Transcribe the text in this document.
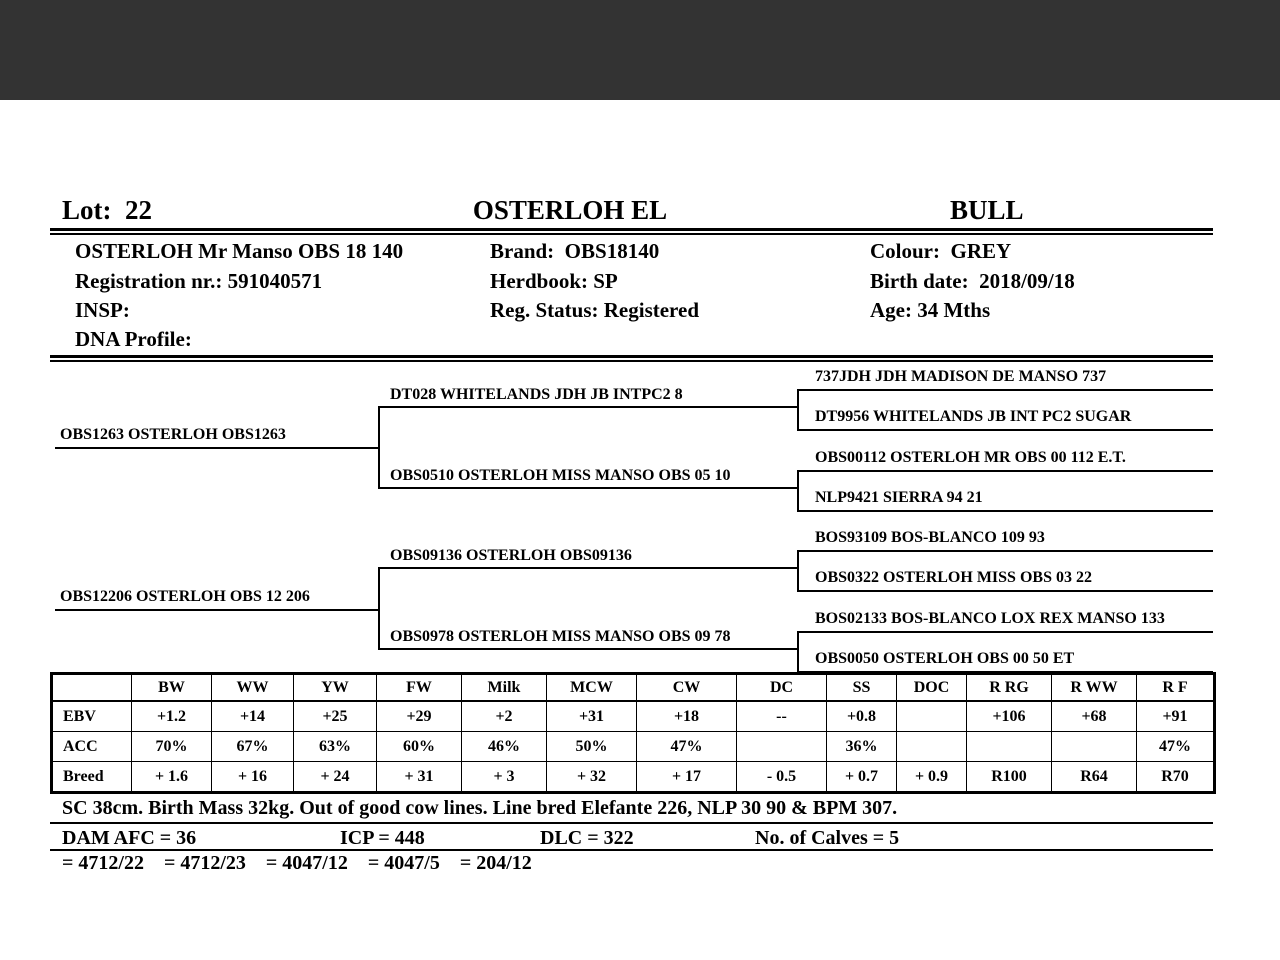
Lot:  22	OSTERLOH EL	BULL
OSTERLOH Mr Manso OBS 18 140	Brand:  OBS18140	Colour:  GREY
Registration nr.: 591040571	Herdbook: SP	Birth date:  2018/09/18
INSP:	Reg. Status: Registered	Age: 34 Mths
DNA Profile:
OBS1263 OSTERLOH OBS1263
OBS12206 OSTERLOH OBS 12 206
DT028 WHITELANDS JDH JB INTPC2 8
OBS0510 OSTERLOH MISS MANSO OBS 05 10
OBS09136 OSTERLOH OBS09136
OBS0978 OSTERLOH MISS MANSO OBS 09 78
737JDH JDH MADISON DE MANSO 737
DT9956 WHITELANDS JB INT PC2 SUGAR
OBS00112 OSTERLOH MR OBS 00 112 E.T.
NLP9421 SIERRA 94 21
BOS93109 BOS-BLANCO 109 93
OBS0322 OSTERLOH MISS OBS 03 22
BOS02133 BOS-BLANCO LOX REX MANSO 133
OBS0050 OSTERLOH OBS 00 50 ET
	BW	WW	YW	FW	Milk	MCW	CW	DC	SS	DOC	R RG	R WW	R F
EBV	+1.2	+14	+25	+29	+2	+31	+18	--	+0.8		+106	+68	+91
ACC	70%	67%	63%	60%	46%	50%	47%		36%				47%
Breed	+ 1.6	+ 16	+ 24	+ 31	+ 3	+ 32	+ 17	- 0.5	+ 0.7	+ 0.9	R100	R64	R70
SC 38cm. Birth Mass 32kg. Out of good cow lines. Line bred Elefante 226, NLP 30 90 & BPM 307.
DAM AFC = 36	ICP = 448	DLC = 322	No. of Calves = 5
= 4712/22    = 4712/23    = 4047/12    = 4047/5    = 204/12
